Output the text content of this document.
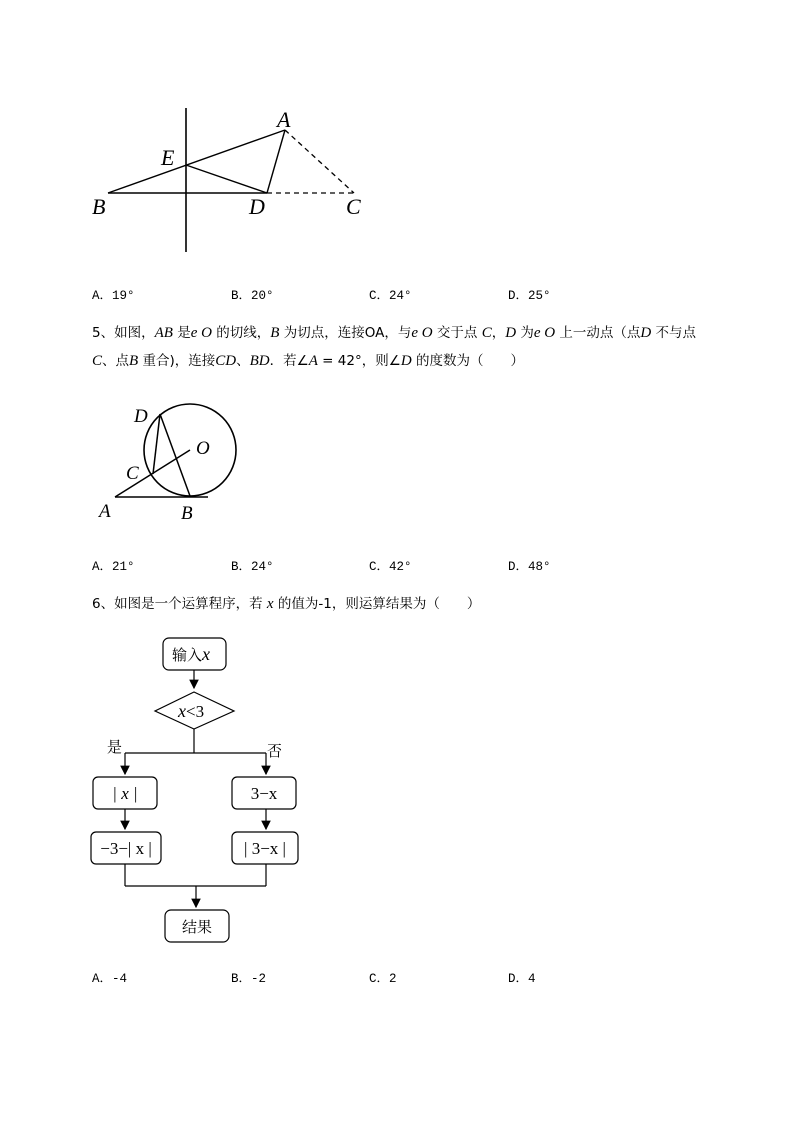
A
E
B	D	C
A．19°	B．20°	C．24°	D．25°
5、如图，AB 是e O 的切线，B 为切点，连接OA，与e O 交于点 C，D 为e O 上一动点（点D 不与点
C、点B 重合)，连接CD、BD．若∠A = 42°，则∠D 的度数为（　　）
D
O
C
A	B
A．21°	B．24°	C．42°	D．48°
6、如图是一个运算程序，若 x 的值为-1，则运算结果为（　　）
输入x
x<3
是	否
| x |	3−x
−3−| x |	| 3−x |
结果
A．-4	B．-2	C．2	D．4
